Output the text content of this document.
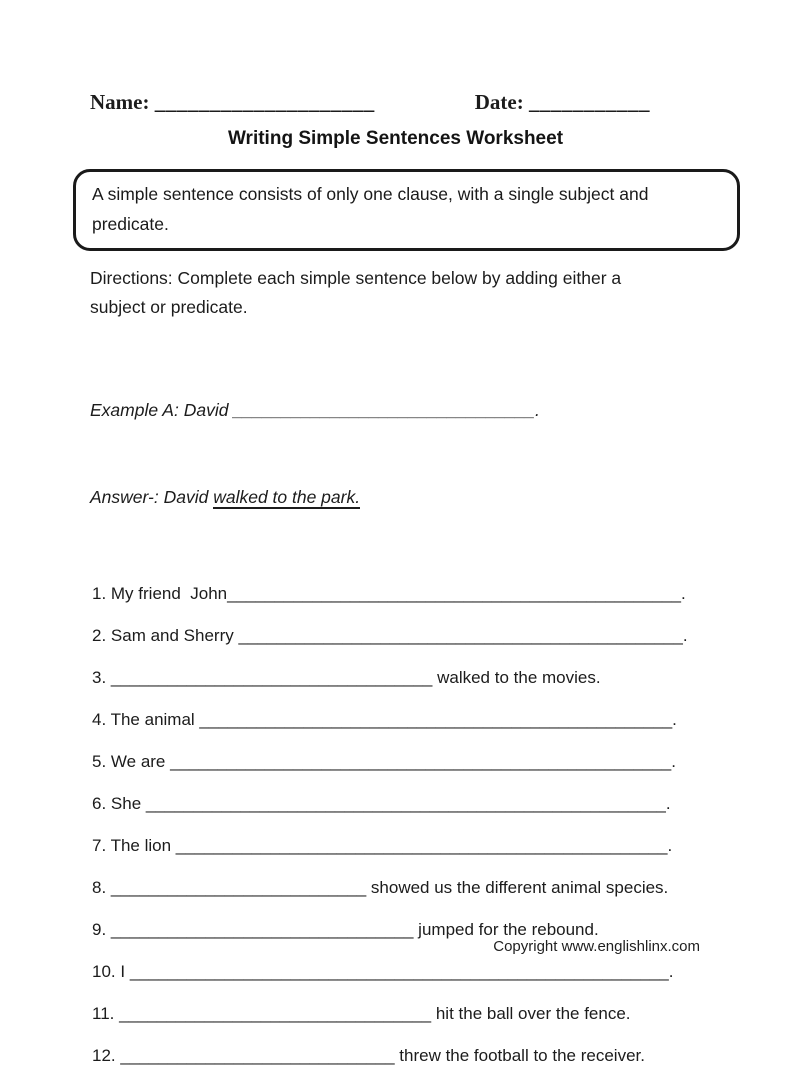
Name: ____________________	Date: ___________
Writing Simple Sentences Worksheet
A simple sentence consists of only one clause, with a single subject and predicate.
Directions: Complete each simple sentence below by adding either a subject or predicate.

Example A: David _______________________________.

Answer-: David walked to the park.

1. My friend  John________________________________________________.
2. Sam and Sherry _______________________________________________.
3. __________________________________ walked to the movies.
4. The animal __________________________________________________.
5. We are _____________________________________________________.
6. She _______________________________________________________.
7. The lion ____________________________________________________.
8. ___________________________ showed us the different animal species.
9. ________________________________ jumped for the rebound.
10. I _________________________________________________________.
11. _________________________________ hit the ball over the fence.
12. _____________________________ threw the football to the receiver.
Copyright www.englishlinx.com
